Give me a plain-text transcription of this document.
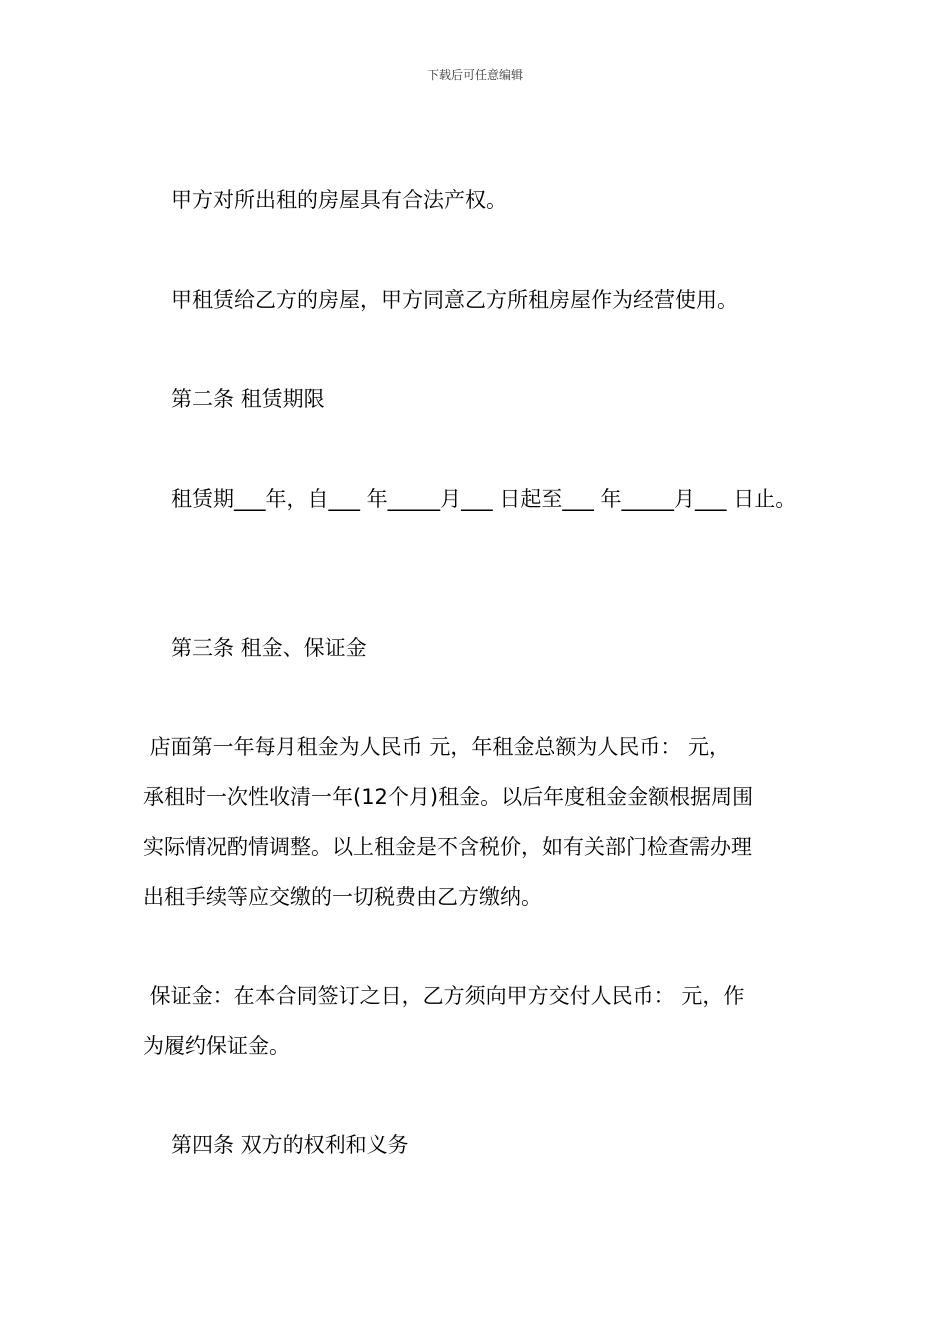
下载后可任意编辑
甲方对所出租的房屋具有合法产权。
甲租赁给乙方的房屋，甲方同意乙方所租房屋作为经营使用。
第二条 租赁期限
租赁期___年，自___ 年_____月___ 日起至___ 年_____月___ 日止。
第三条 租金、保证金
店面第一年每月租金为人民币 元，年租金总额为人民币： 元，
承租时一次性收清一年(12个月)租金。以后年度租金金额根据周围
实际情况酌情调整。以上租金是不含税价，如有关部门检查需办理
出租手续等应交缴的一切税费由乙方缴纳。
保证金：在本合同签订之日，乙方须向甲方交付人民币： 元，作
为履约保证金。
第四条 双方的权利和义务
